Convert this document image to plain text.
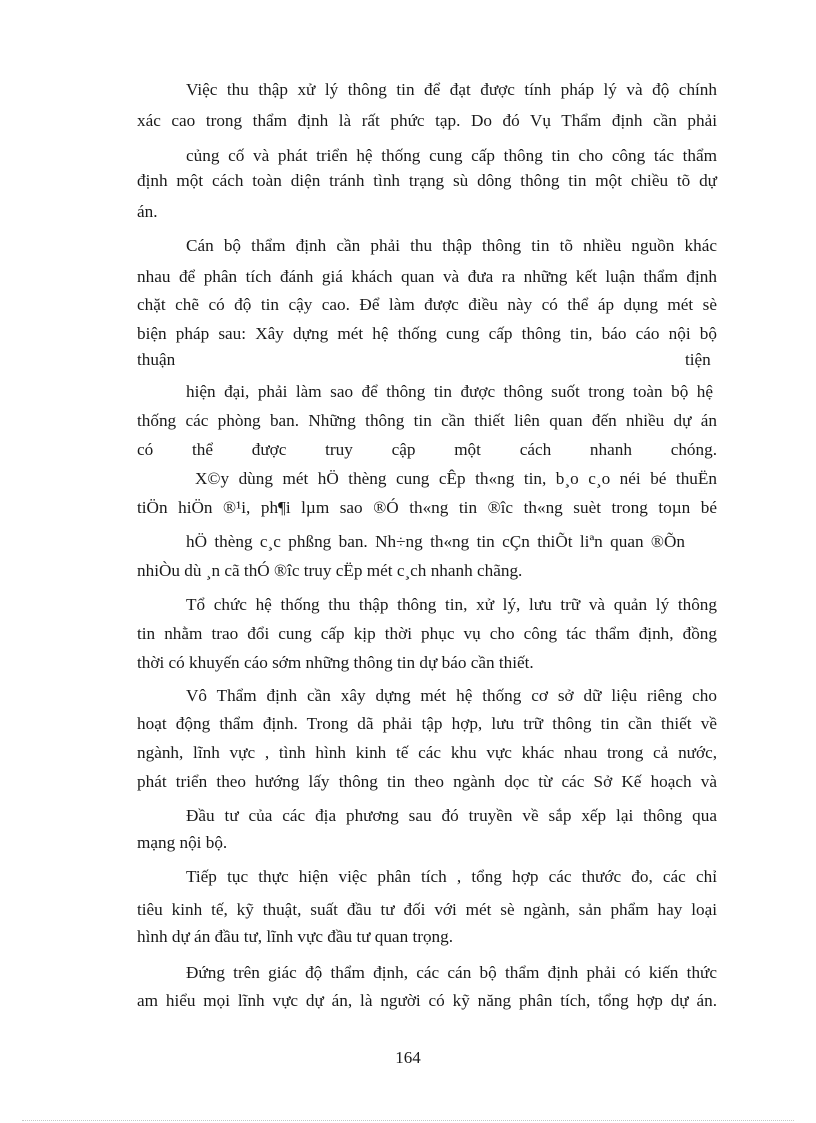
Việc thu thập xử lý thông tin để đạt được tính pháp lý và độ chính
xác cao trong thẩm định là rất phức tạp. Do đó Vụ Thẩm định cần phải
củng cố và phát triển hệ thống cung cấp thông tin cho công tác thẩm
định một cách toàn diện tránh tình trạng sù dông thông tin một chiều tõ dự
án.
Cán bộ thẩm định cần phải thu thập thông tin tõ nhiều nguồn khác
nhau để phân tích đánh giá khách quan và đưa ra những kết luận thẩm định
chặt chẽ có độ tin cậy cao. Để làm được điều này có thể áp dụng mét sè
biện pháp sau: Xây dựng mét hệ thống cung cấp thông tin, báo cáo nội bộ
thuận	tiện
hiện đại, phải làm sao để thông tin được thông suốt trong toàn bộ hệ
thống các phòng ban. Những thông tin cần thiết liên quan đến nhiều dự án
có thể được truy cập một cách nhanh chóng.
X©y dùng mét hÖ thèng cung cÊp th«ng tin, b¸o c¸o néi bé thuËn
tiÖn hiÖn ®¹i, ph¶i lµm sao ®Ó th«ng tin ®îc th«ng suèt trong toµn bé
hÖ thèng c¸c phßng ban. Nh÷ng th«ng tin cÇn thiÕt liªn quan ®Õn
nhiÒu dù ¸n cã thÓ ®îc truy cËp mét c¸ch nhanh chãng.
Tổ chức hệ thống thu thập thông tin, xử lý, lưu trữ và quản lý thông
tin nhằm trao đổi cung cấp kịp thời phục vụ cho công tác thẩm định, đồng
thời có khuyến cáo sớm những thông tin dự báo cần thiết.
Vô Thẩm định cần xây dựng mét hệ thống cơ sở dữ liệu riêng cho
hoạt động thẩm định. Trong dã phải tập hợp, lưu trữ thông tin cần thiết về
ngành, lĩnh vực , tình hình kinh tế các khu vực khác nhau trong cả nước,
phát triển theo hướng lấy thông tin theo ngành dọc từ các Sở Kế hoạch và
Đầu tư của các địa phương sau đó truyền về sắp xếp lại thông qua
mạng nội bộ.
Tiếp tục thực hiện việc phân tích , tổng hợp các thước đo, các chỉ
tiêu kinh tế, kỹ thuật, suất đầu tư đối với mét sè ngành, sản phẩm hay loại
hình dự án đầu tư, lĩnh vực đầu tư quan trọng.
Đứng trên giác độ thẩm định, các cán bộ thẩm định phải có kiến thức
am hiểu mọi lĩnh vực dự án, là người có kỹ năng phân tích, tổng hợp dự án.
164
